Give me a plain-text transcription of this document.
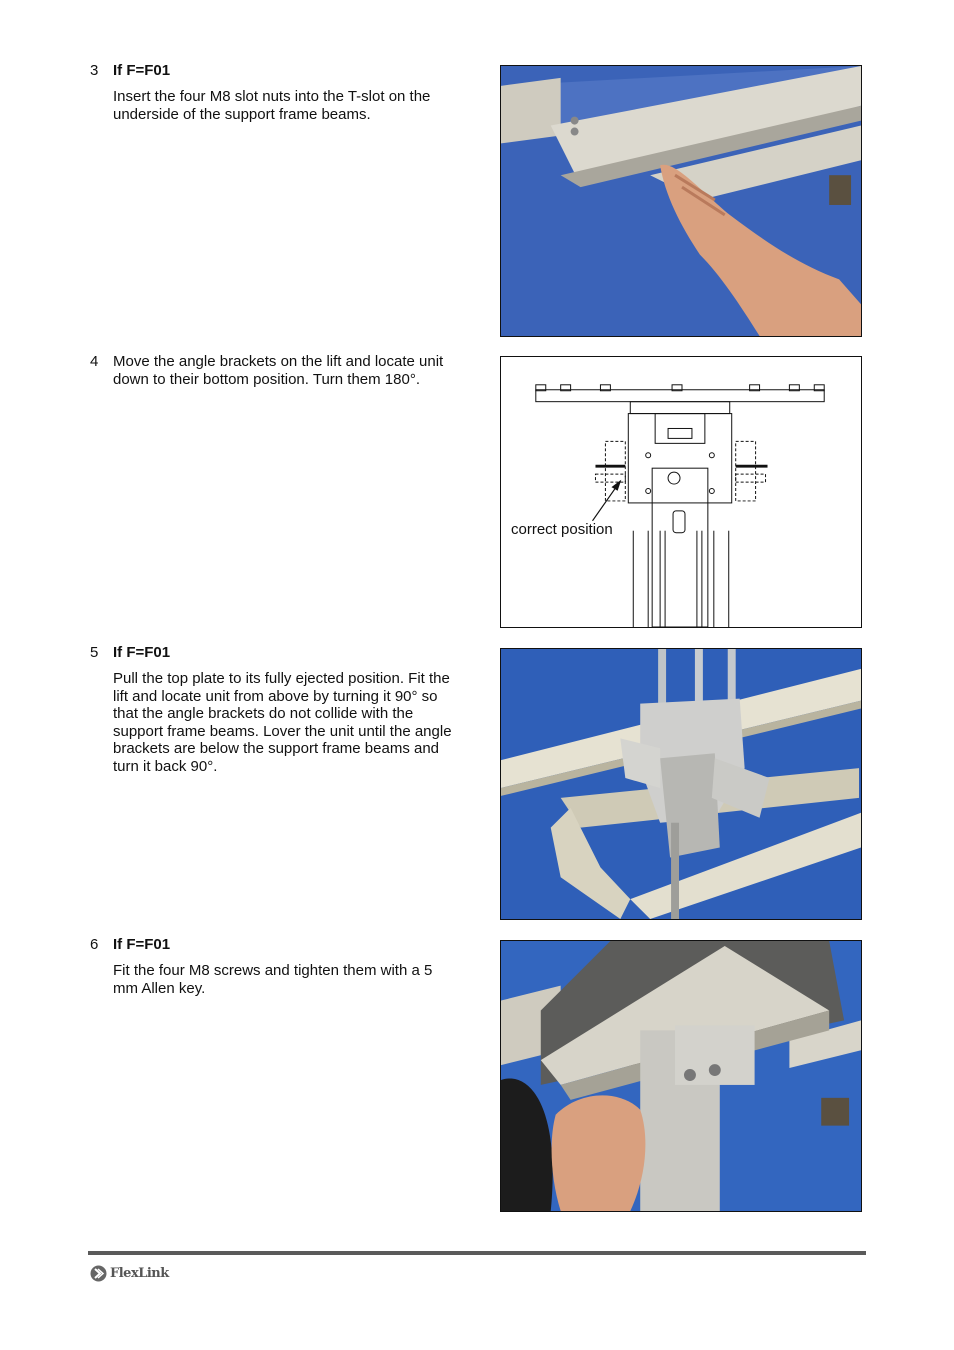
3 If F=F01
Insert the four M8 slot nuts into the T-slot on the underside of the support frame beams.
4 Move the angle brackets on the lift and locate unit down to their bottom position. Turn them 180°.
5 If F=F01
Pull the top plate to its fully ejected position. Fit the lift and locate unit from above by turning it 90° so that the angle brackets do not collide with the support frame beams. Lover the unit until the angle brackets are below the support frame beams and turn it back 90°.
6 If F=F01
Fit the four M8 screws and tighten them with a 5 mm Allen key.
correct position
FlexLink
